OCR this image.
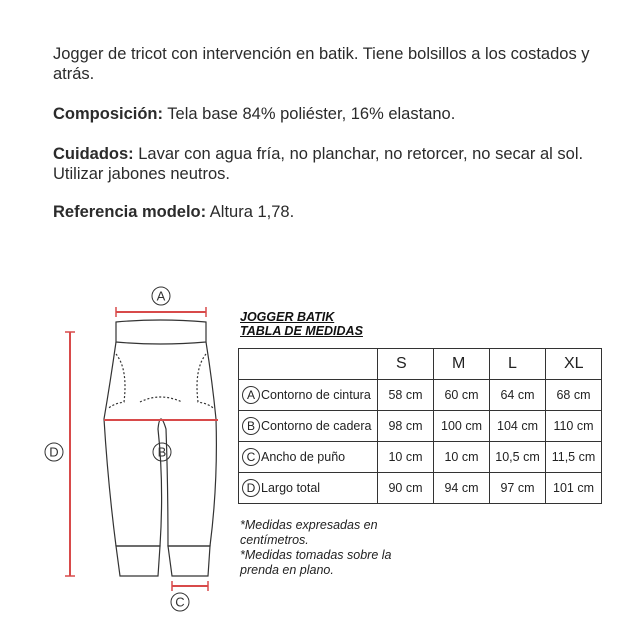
Jogger de tricot con intervención en batik. Tiene bolsillos a los costados y atrás.
Composición: Tela base 84% poliéster, 16% elastano.
Cuidados: Lavar con agua fría, no planchar, no retorcer, no secar al sol. Utilizar jabones neutros.
Referencia modelo: Altura 1,78.
A
B
C
D
JOGGER BATIK
TABLA DE MEDIDAS
	S	M	L	XL

A Contorno de cintura	58 cm	60 cm	64 cm	68 cm

B Contorno de cadera	98 cm	100 cm	104 cm	110 cm

C Ancho de puño	10 cm	10 cm	10,5 cm	11,5 cm

D Largo total	90 cm	94 cm	97 cm	101 cm
*Medidas expresadas en
centímetros.
*Medidas tomadas sobre la
prenda en plano.
